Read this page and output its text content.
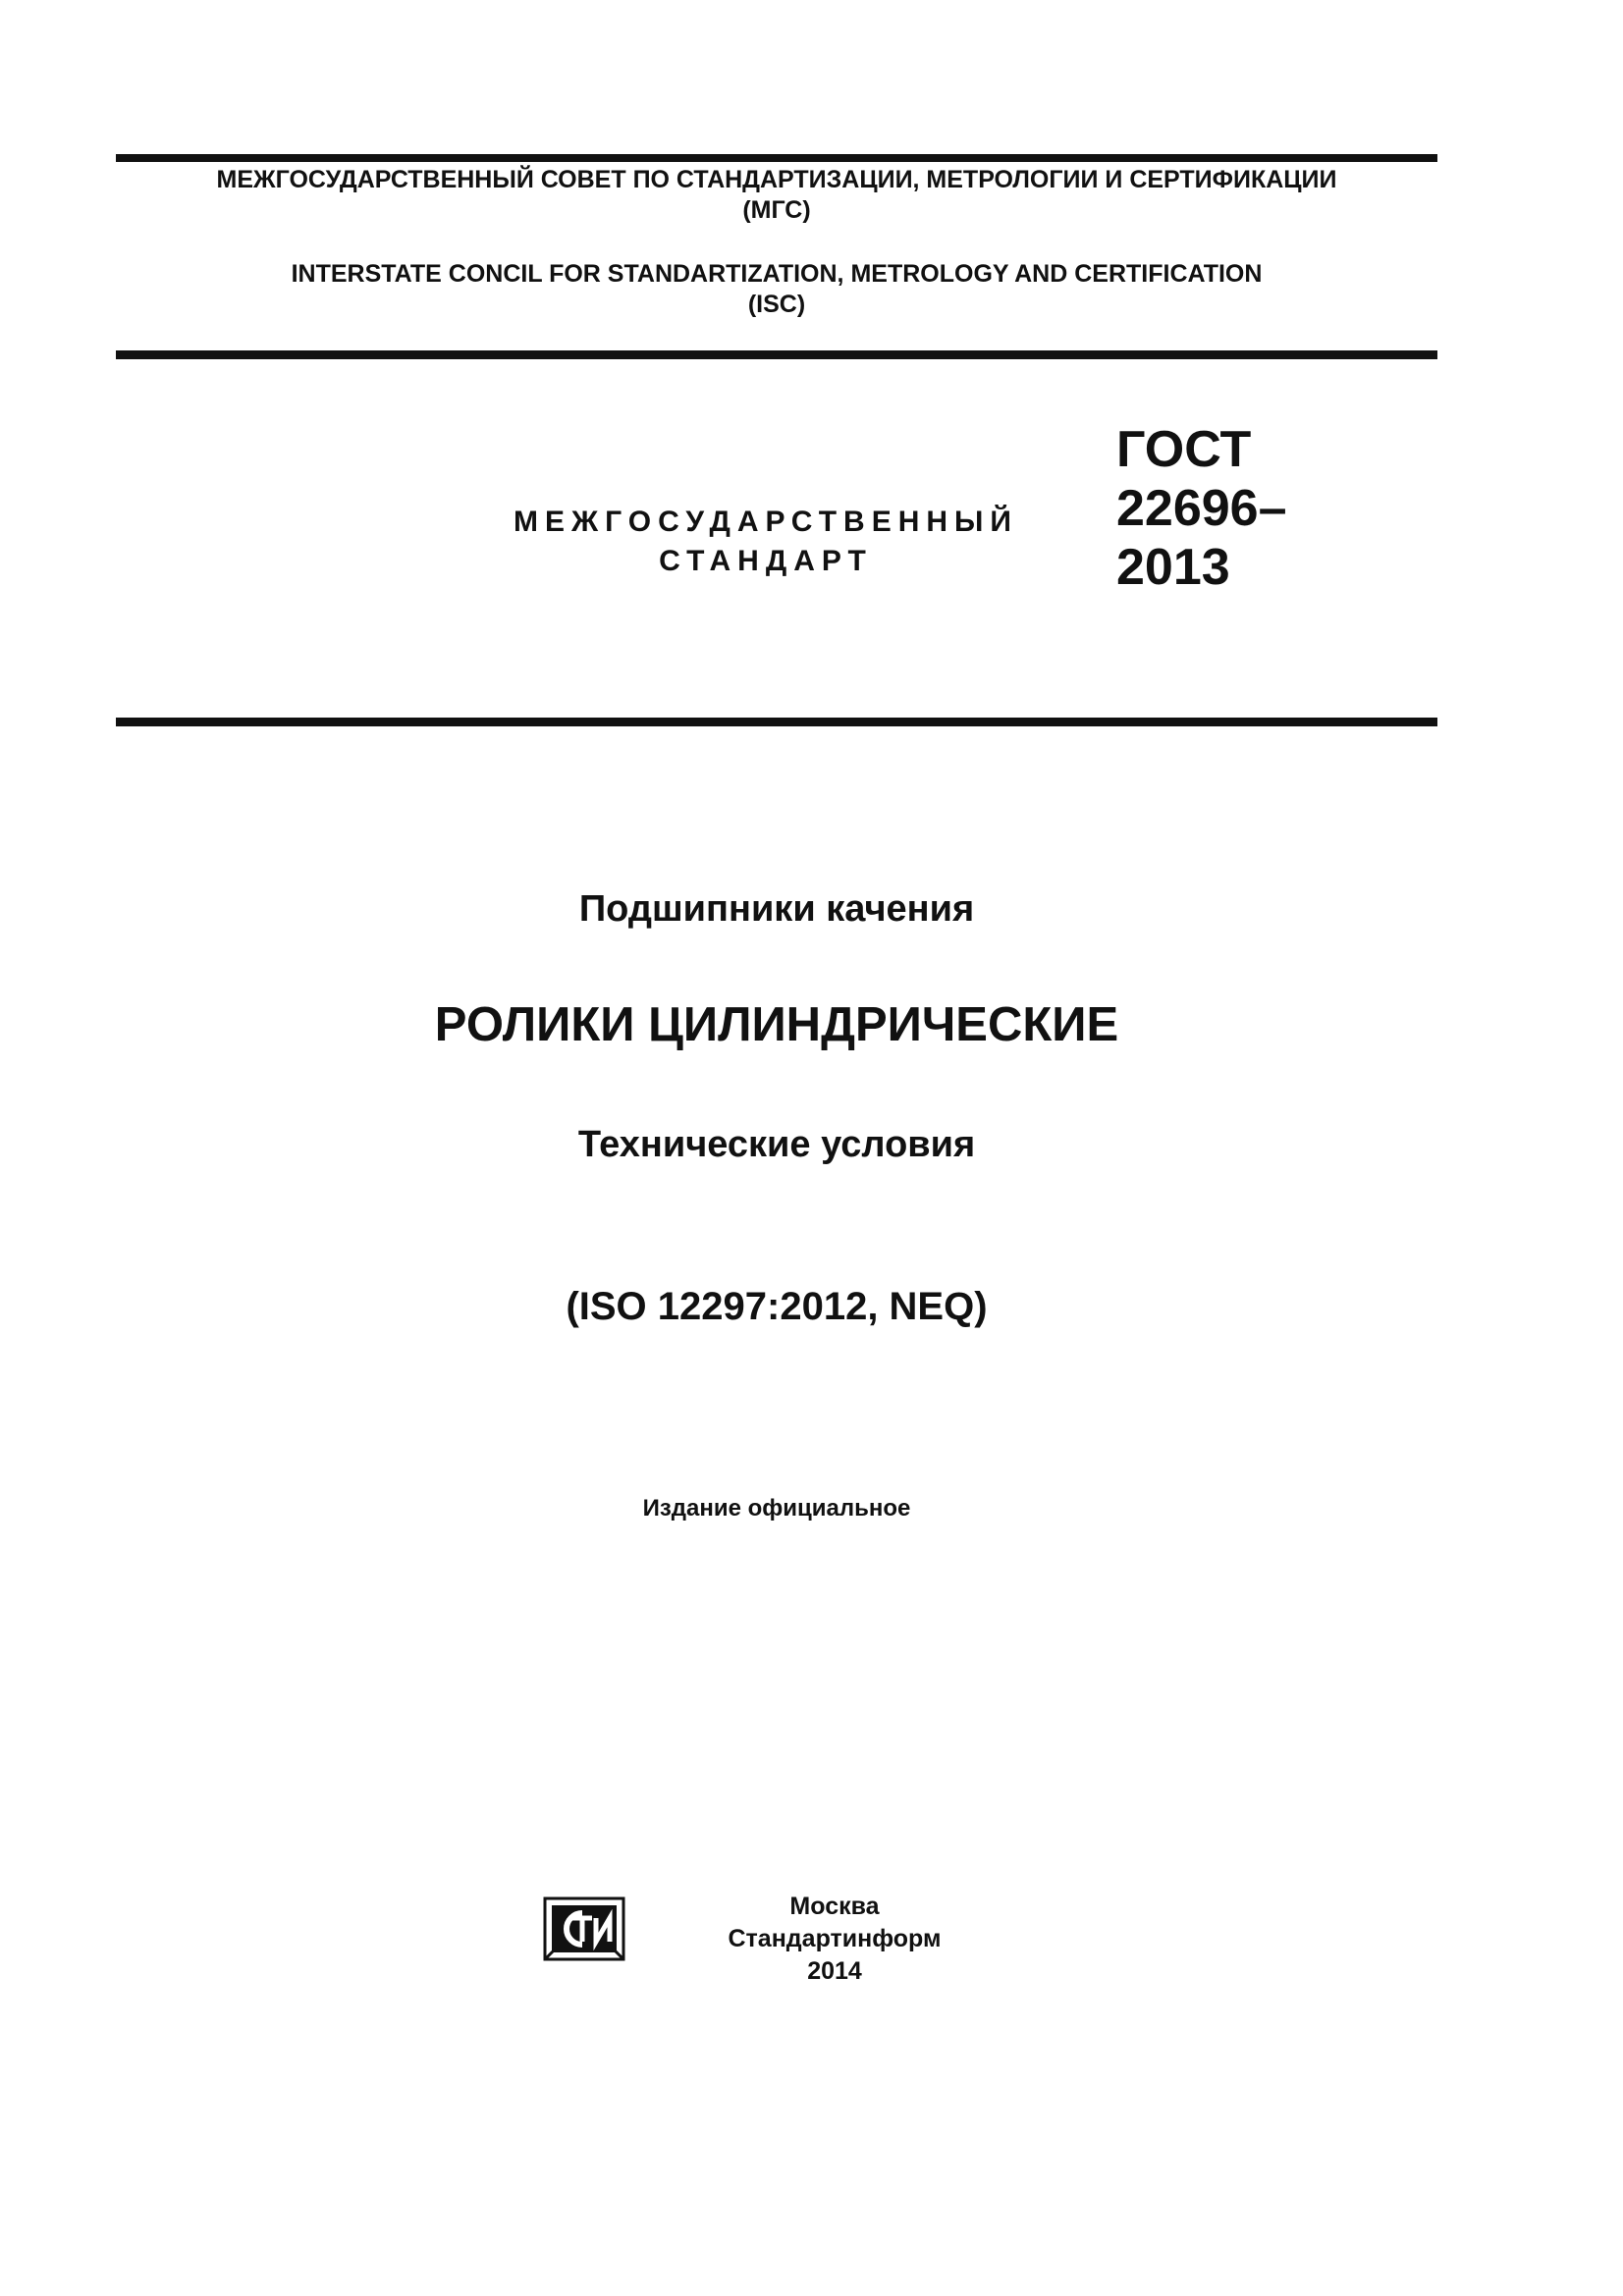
МЕЖГОСУДАРСТВЕННЫЙ СОВЕТ ПО СТАНДАРТИЗАЦИИ, МЕТРОЛОГИИ И СЕРТИФИКАЦИИ
(МГС)
INTERSTATE CONCIL FOR STANDARTIZATION, METROLOGY AND CERTIFICATION
(ISC)
МЕЖГОСУДАРСТВЕННЫЙ
СТАНДАРТ
ГОСТ
22696–
2013
Подшипники качения
РОЛИКИ ЦИЛИНДРИЧЕСКИЕ
Технические условия
(ISO 12297:2012, NEQ)
Издание официальное
Москва
Стандартинформ
2014
